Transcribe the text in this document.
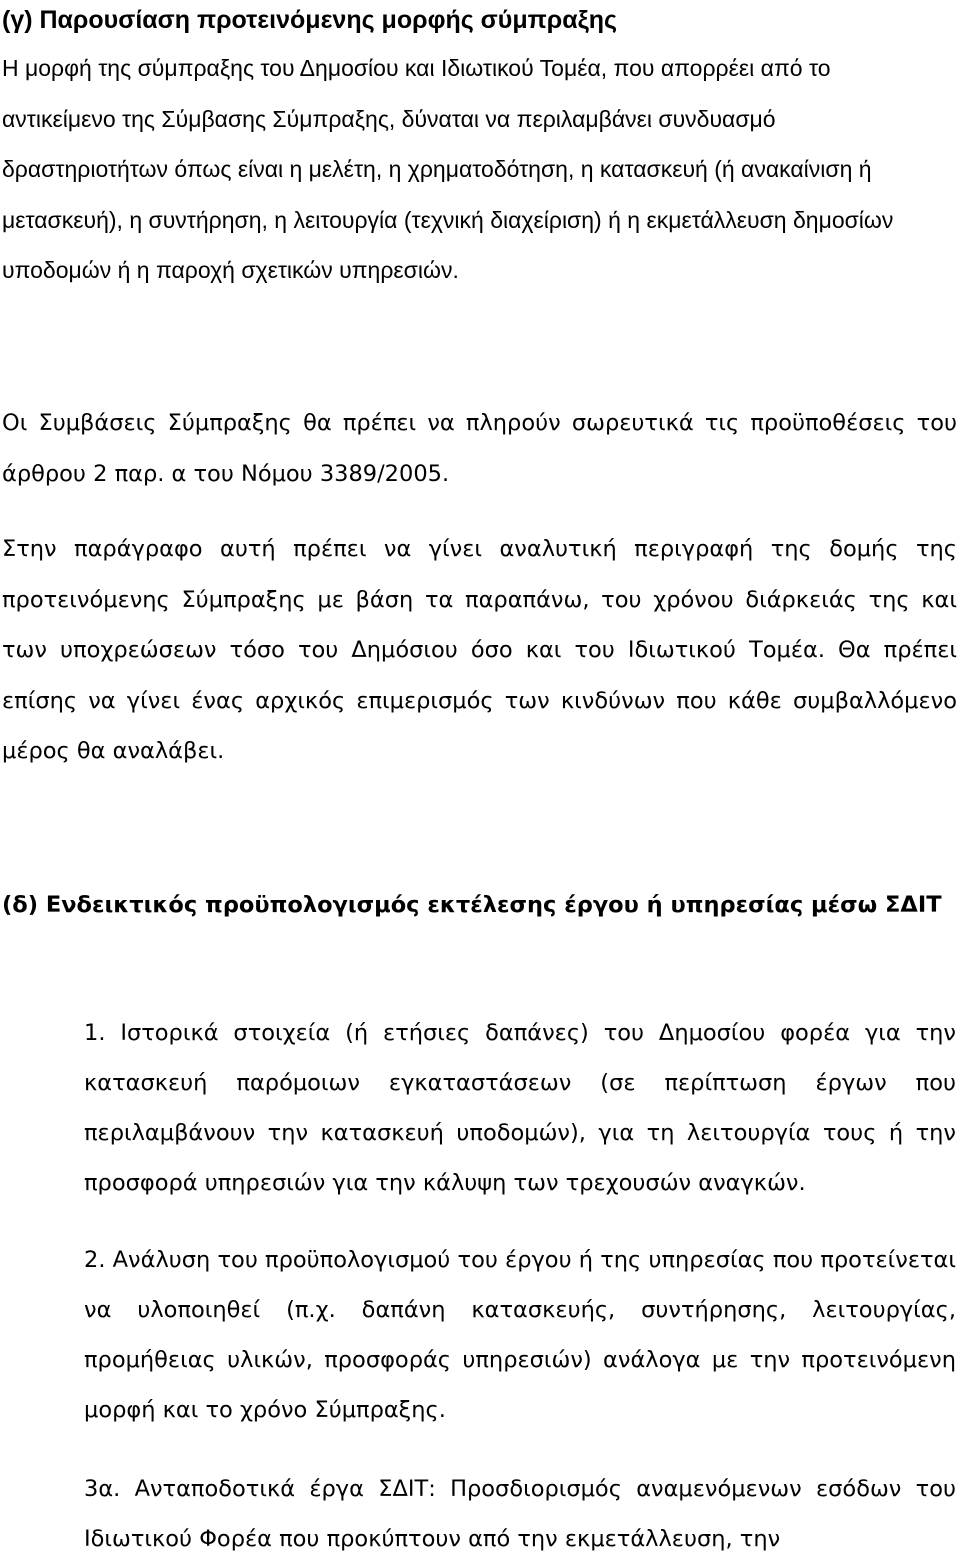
(γ) Παρουσίαση προτεινόμενης μορφής σύμπραξης

Η μορφή της σύμπραξης του Δημοσίου και Ιδιωτικού Τομέα, που απορρέει από το αντικείμενο της Σύμβασης Σύμπραξης, δύναται να περιλαμβάνει συνδυασμό δραστηριοτήτων όπως είναι η μελέτη, η χρηματοδότηση, η κατασκευή (ή ανακαίνιση ή μετασκευή), η συντήρηση, η λειτουργία (τεχνική διαχείριση) ή η εκμετάλλευση δημοσίων υποδομών ή η παροχή σχετικών υπηρεσιών.

Οι Συμβάσεις Σύμπραξης θα πρέπει να πληρούν σωρευτικά τις προϋποθέσεις του άρθρου 2 παρ. α του Νόμου 3389/2005.

Στην παράγραφο αυτή πρέπει να γίνει αναλυτική περιγραφή της δομής της προτεινόμενης Σύμπραξης με βάση τα παραπάνω, του χρόνου διάρκειάς της και των υποχρεώσεων τόσο του Δημόσιου όσο και του Ιδιωτικού Τομέα. Θα πρέπει επίσης να γίνει ένας αρχικός επιμερισμός των κινδύνων που κάθε συμβαλλόμενο μέρος θα αναλάβει.

(δ) Ενδεικτικός προϋπολογισμός εκτέλεσης έργου ή υπηρεσίας μέσω ΣΔΙΤ

1. Ιστορικά στοιχεία (ή ετήσιες δαπάνες) του Δημοσίου φορέα για την κατασκευή παρόμοιων εγκαταστάσεων (σε περίπτωση έργων που περιλαμβάνουν την κατασκευή υποδομών), για τη λειτουργία τους ή την προσφορά υπηρεσιών για την κάλυψη των τρεχουσών αναγκών.

2. Ανάλυση του προϋπολογισμού του έργου ή της υπηρεσίας που προτείνεται να υλοποιηθεί (π.χ. δαπάνη κατασκευής, συντήρησης, λειτουργίας, προμήθειας υλικών, προσφοράς υπηρεσιών) ανάλογα με την προτεινόμενη μορφή και το χρόνο Σύμπραξης.

3α. Ανταποδοτικά έργα ΣΔΙΤ: Προσδιορισμός αναμενόμενων εσόδων του Ιδιωτικού Φορέα που προκύπτουν από την εκμετάλλευση, την
